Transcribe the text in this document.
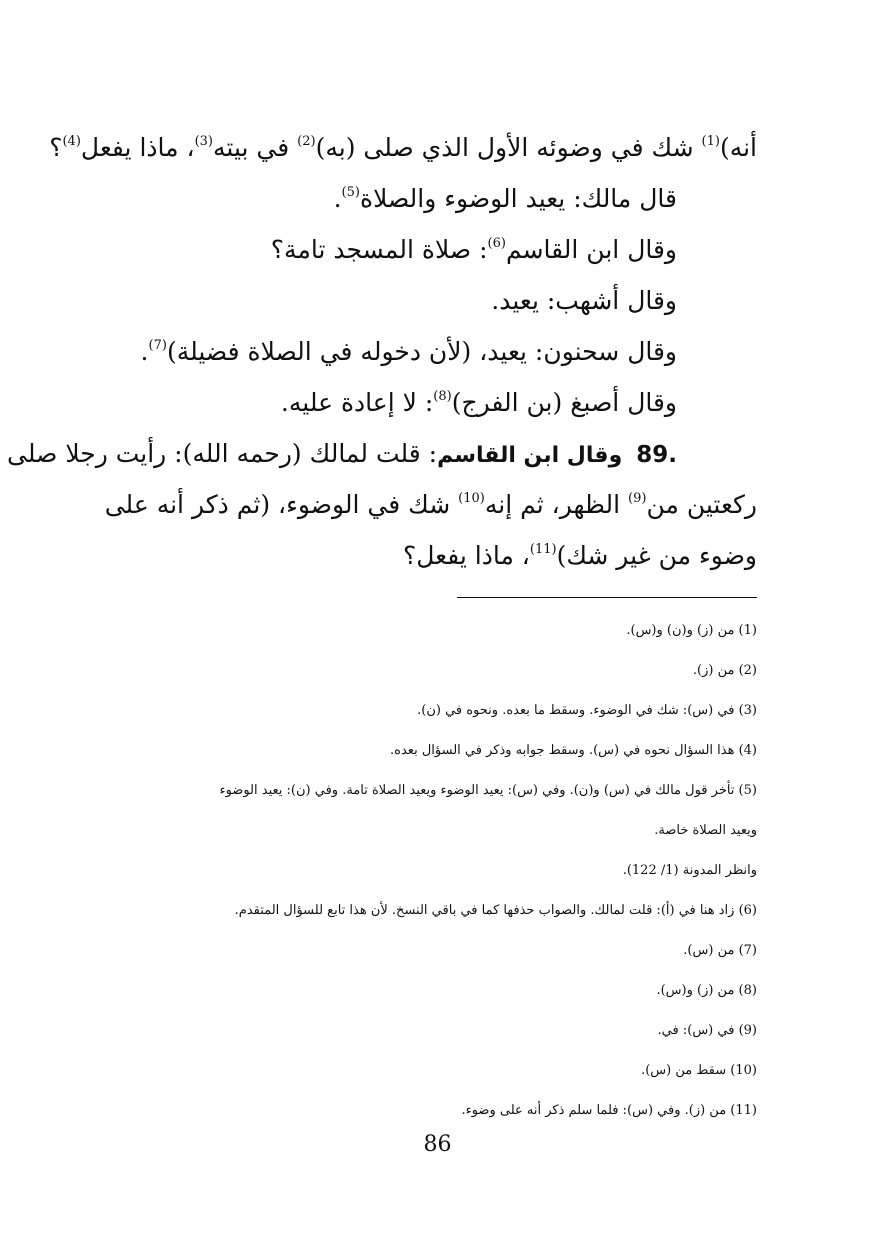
أنه)$^{(1)}$ شك في وضوئه الأول الذي صلى (به)$^{(2)}$ في بيته$^{(3)}$، ماذا يفعل$^{(4)}$؟
قال مالك: يعيد الوضوء والصلاة$^{(5)}$.
وقال ابن القاسم$^{(6)}$: صلاة المسجد تامة؟
وقال أشهب: يعيد.
وقال سحنون: يعيد، (لأن دخوله في الصلاة فضيلة)$^{(7)}$.
وقال أصبغ (بن الفرج)$^{(8)}$: لا إعادة عليه.
89.وقال ابن القاسم: قلت لمالك (رحمه الله): رأيت رجلا صلى
ركعتين من$^{(9)}$ الظهر، ثم إنه$^{(10)}$ شك في الوضوء، (ثم ذكر أنه على
وضوء من غير شك)$^{(11)}$، ماذا يفعل؟
(1) من (ز) و(ن) و(س).
(2) من (ز).
(3) في (س): شك في الوضوء. وسقط ما بعده. ونحوه في (ن).
(4) هذا السؤال نحوه في (س). وسقط جوابه وذكر في السؤال بعده.
(5) تأخر قول مالك في (س) و(ن). وفي (س): يعيد الوضوء ويعيد الصلاة تامة. وفي (ن): يعيد الوضوء
ويعيد الصلاة خاصة.
وانظر المدونة (1/ 122).
(6) زاد هنا في (أ): قلت لمالك. والصواب حذفها كما في باقي النسخ. لأن هذا تابع للسؤال المتقدم.
(7) من (س).
(8) من (ز) و(س).
(9) في (س): في.
(10) سقط من (س).
(11) من (ز). وفي (س): فلما سلم ذكر أنه على وضوء.
86
